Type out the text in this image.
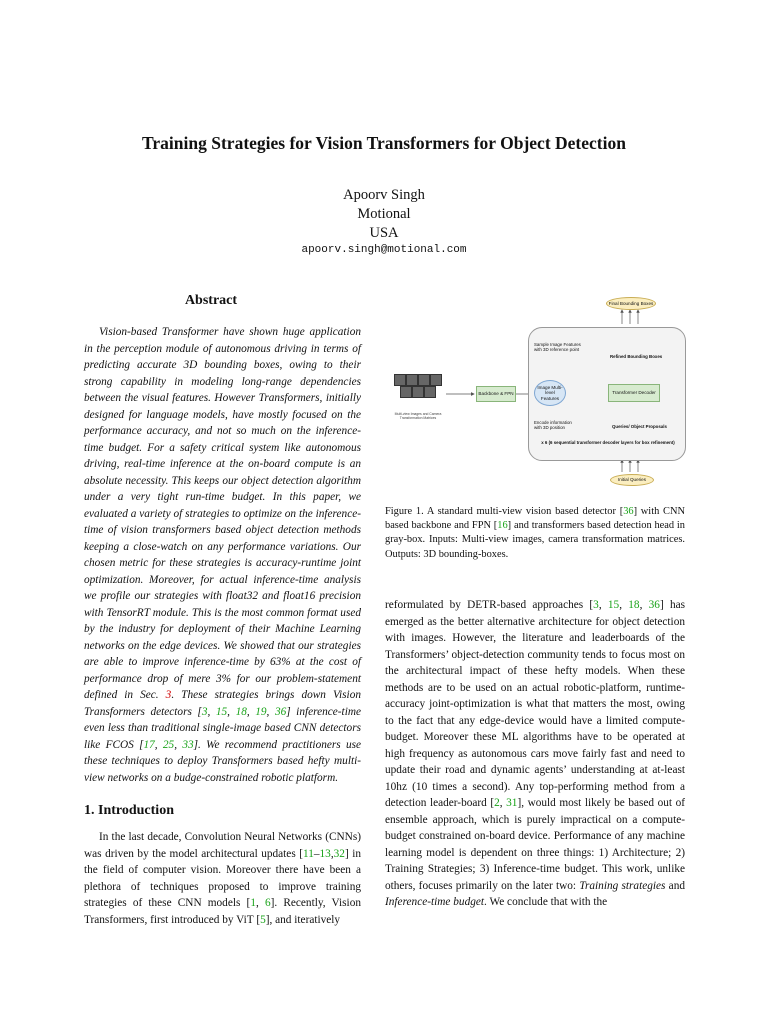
Training Strategies for Vision Transformers for Object Detection
Apoorv Singh
Motional
USA
apoorv.singh@motional.com
Abstract

Vision-based Transformer have shown huge application in the perception module of autonomous driving in terms of predicting accurate 3D bounding boxes, owing to their strong capability in modeling long-range dependencies between the visual features. However Transformers, initially designed for language models, have mostly focused on the performance accuracy, and not so much on the inference-time budget. For a safety critical system like autonomous driving, real-time inference at the on-board compute is an absolute necessity. This keeps our object detection algorithm under a very tight run-time budget. In this paper, we evaluated a variety of strategies to optimize on the inference-time of vision transformers based object detection methods keeping a close-watch on any performance variations. Our chosen metric for these strategies is accuracy-runtime joint optimization. Moreover, for actual inference-time analysis we profile our strategies with float32 and float16 precision with TensorRT module. This is the most common format used by the industry for deployment of their Machine Learning networks on the edge devices. We showed that our strategies are able to improve inference-time by 63% at the cost of performance drop of mere 3% for our problem-statement defined in Sec. 3. These strategies brings down Vision Transformers detectors [3, 15, 18, 19, 36] inference-time even less than traditional single-image based CNN detectors like FCOS [17, 25, 33]. We recommend practitioners use these techniques to deploy Transformers based hefty multi-view networks on a budge-constrained robotic platform.

1. Introduction

In the last decade, Convolution Neural Networks (CNNs) was driven by the model architectural updates [11–13,32] in the field of computer vision. Moreover there have been a plethora of techniques proposed to improve training strategies of these CNN models [1, 6]. Recently, Vision Transformers, first introduced by ViT [5], and iteratively

Multi-view Images and Camera Transformation Matrices
Backbone & FPN
Final Bounding Boxes
Sample Image Features with 3D reference point
Refined Bounding Boxes
Image Multi-level Features
Transformer Decoder
Encode information with 3D position	Queries/ Object Proposals
x 6 (6 sequential transformer decoder layers for box refinement)
Initial Queries
Figure 1. A standard multi-view vision based detector [36] with CNN based backbone and FPN [16] and transformers based detection head in gray-box. Inputs: Multi-view images, camera transformation matrices. Outputs: 3D bounding-boxes.

reformulated by DETR-based approaches [3, 15, 18, 36] has emerged as the better alternative architecture for object detection with images. However, the literature and leaderboards of the Transformers’ object-detection community tends to focus most on the architectural impact of these hefty models. When these methods are to be used on an actual robotic-platform, runtime-accuracy joint-optimization is what that matters the most, owing to the fact that any edge-device would have a limited compute-budget. Moreover these ML algorithms have to be operated at high frequency as autonomous cars move fairly fast and need to update their road and dynamic agents’ understanding at at-least 10hz (10 times a second). Any top-performing method from a detection leader-board [2, 31], would most likely be based out of ensemble approach, which is purely impractical on a compute-budget constrained on-board device. Performance of any machine learning model is dependent on three things: 1) Architecture; 2) Training Strategies; 3) Inference-time budget. This work, unlike others, focuses primarily on the later two: Training strategies and Inference-time budget. We conclude that with the
